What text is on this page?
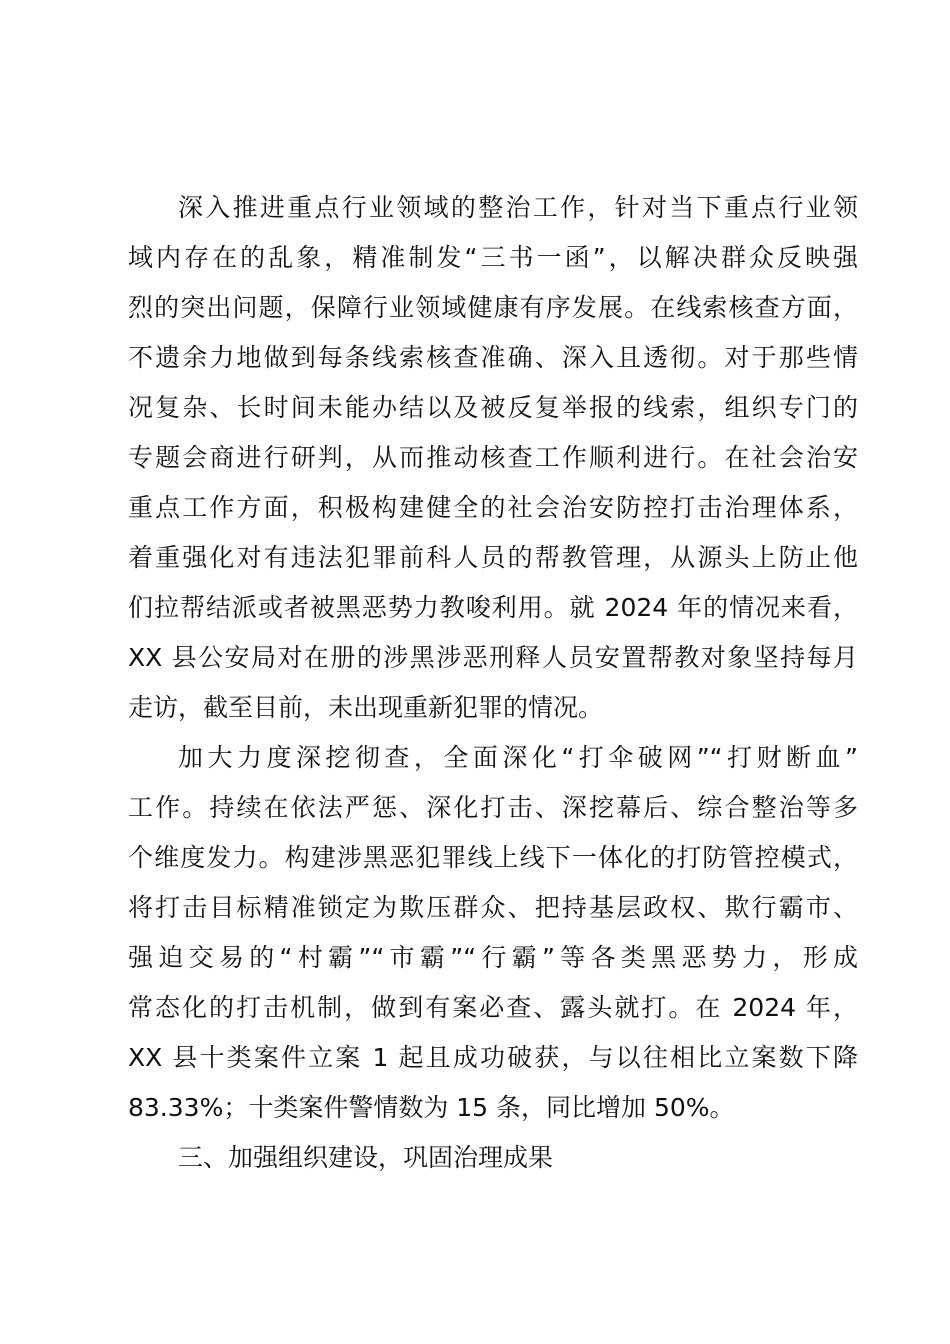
深入推进重点行业领域的整治工作，针对当下重点行业领
域内存在的乱象，精准制发“三书一函”，以解决群众反映强
烈的突出问题，保障行业领域健康有序发展。在线索核查方面，
不遗余力地做到每条线索核查准确、深入且透彻。对于那些情
况复杂、长时间未能办结以及被反复举报的线索，组织专门的
专题会商进行研判，从而推动核查工作顺利进行。在社会治安
重点工作方面，积极构建健全的社会治安防控打击治理体系，
着重强化对有违法犯罪前科人员的帮教管理，从源头上防止他
们拉帮结派或者被黑恶势力教唆利用。就 2024 年的情况来看，
XX 县公安局对在册的涉黑涉恶刑释人员安置帮教对象坚持每月
走访，截至目前，未出现重新犯罪的情况。
加大力度深挖彻查，全面深化“打伞破网”“打财断血”
工作。持续在依法严惩、深化打击、深挖幕后、综合整治等多
个维度发力。构建涉黑恶犯罪线上线下一体化的打防管控模式，
将打击目标精准锁定为欺压群众、把持基层政权、欺行霸市、
强迫交易的“村霸”“市霸”“行霸”等各类黑恶势力，形成
常态化的打击机制，做到有案必查、露头就打。在 2024 年，
XX 县十类案件立案 1 起且成功破获，与以往相比立案数下降
83.33%；十类案件警情数为 15 条，同比增加 50%。
三、加强组织建设，巩固治理成果
